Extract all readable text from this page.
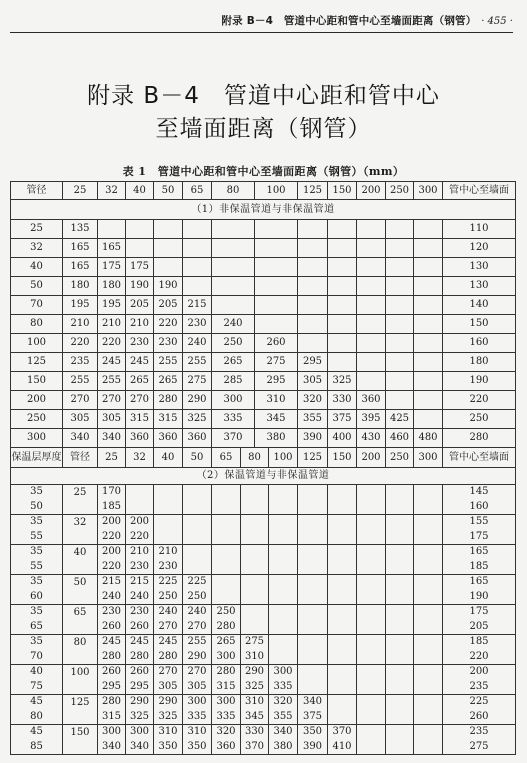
附录 B－4　管道中心距和管中心至墙面距离（钢管） · 455 ·
附录 B－4　管道中心距和管中心
至墙面距离（钢管）
表 1　管道中心距和管中心至墙面距离（钢管）（mm）
管径	25	32	40	50	65	80	100	125	150	200	250	300	管中心至墙面
（1）非保温管道与非保温管道													
25	135												110
32	165	165											120
40	165	175	175										130
50	180	180	190	190									130
70	195	195	205	205	215								140
80	210	210	210	220	230	240							150
100	220	220	230	230	240	250	260						160
125	235	245	245	255	255	265	275	295					180
150	255	255	265	265	275	285	295	305	325				190
200	270	270	270	280	290	300	310	320	330	360			220
250	305	305	315	315	325	335	345	355	375	395	425		250
300	340	340	360	360	360	370	380	390	400	430	460	480	280
保温层厚度	管径	25	32	40	50	65	80	100	125	150	200	250	300	管中心至墙面
（2）保温管道与非保温管道														
35	25	170												145
50		185												160
35	32	200	200											155
55		220	220											175
35	40	200	210	210										165
55		220	230	230										185
35	50	215	215	225	225									165
60		240	240	250	250									190
35	65	230	230	240	240	250								175
65		260	260	270	270	280								205
35	80	245	245	245	255	265	275							185
70		280	280	280	290	300	310							220
40	100	260	260	270	270	280	290	300						200
75		295	295	305	305	315	325	335						235
45	125	280	290	290	300	300	310	320	340					225
80		315	325	325	335	335	345	355	375					260
45	150	300	300	310	310	320	330	340	350	370				235
85		340	340	350	350	360	370	380	390	410				275
